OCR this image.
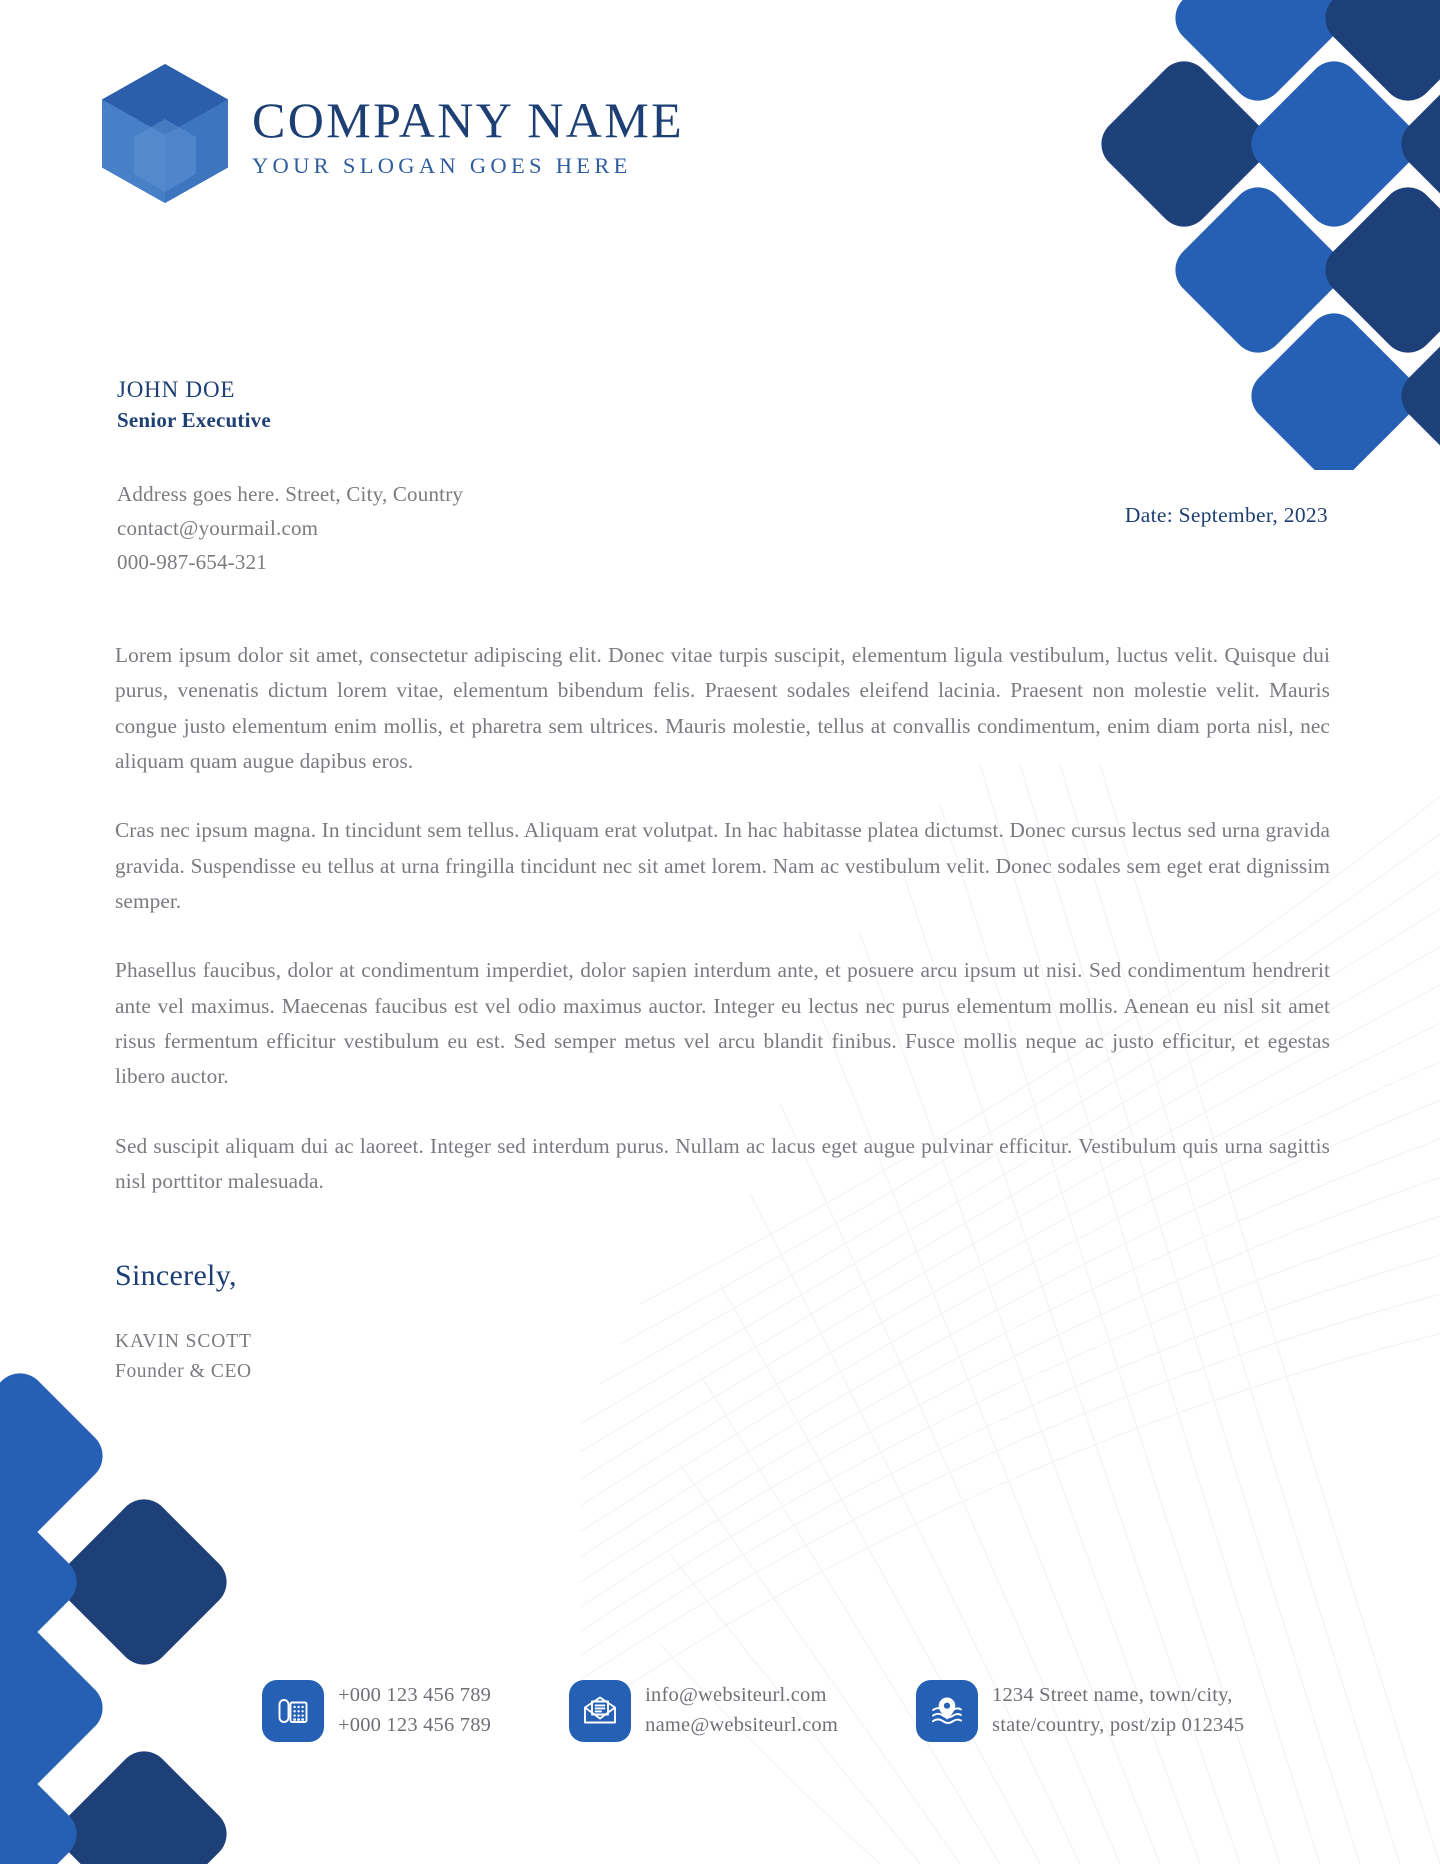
COMPANY NAME
YOUR SLOGAN GOES HERE
JOHN DOE
Senior Executive
Address goes here. Street, City, Country
contact@yourmail.com
000-987-654-321
Date: September, 2023

Lorem ipsum dolor sit amet, consectetur adipiscing elit. Donec vitae turpis suscipit, elementum ligula vestibulum, luctus velit. Quisque dui purus, venenatis dictum lorem vitae, elementum bibendum felis. Praesent sodales eleifend lacinia. Praesent non molestie velit. Mauris congue justo elementum enim mollis, et pharetra sem ultrices. Mauris molestie, tellus at convallis condimentum, enim diam porta nisl, nec aliquam quam augue dapibus eros.

Cras nec ipsum magna. In tincidunt sem tellus. Aliquam erat volutpat. In hac habitasse platea dictumst. Donec cursus lectus sed urna gravida gravida. Suspendisse eu tellus at urna fringilla tincidunt nec sit amet lorem. Nam ac vestibulum velit. Donec sodales sem eget erat dignissim semper.

Phasellus faucibus, dolor at condimentum imperdiet, dolor sapien interdum ante, et posuere arcu ipsum ut nisi. Sed condimentum hendrerit ante vel maximus. Maecenas faucibus est vel odio maximus auctor. Integer eu lectus nec purus elementum mollis. Aenean eu nisl sit amet risus fermentum efficitur vestibulum eu est. Sed semper metus vel arcu blandit finibus. Fusce mollis neque ac justo efficitur, et egestas libero auctor.

Sed suscipit aliquam dui ac laoreet. Integer sed interdum purus. Nullam ac lacus eget augue pulvinar efficitur. Vestibulum quis urna sagittis nisl porttitor malesuada.

Sincerely,
KAVIN SCOTT
Founder & CEO
+000 123 456 789
+000 123 456 789
info@websiteurl.com
name@websiteurl.com
1234 Street name, town/city,
state/country, post/zip 012345
